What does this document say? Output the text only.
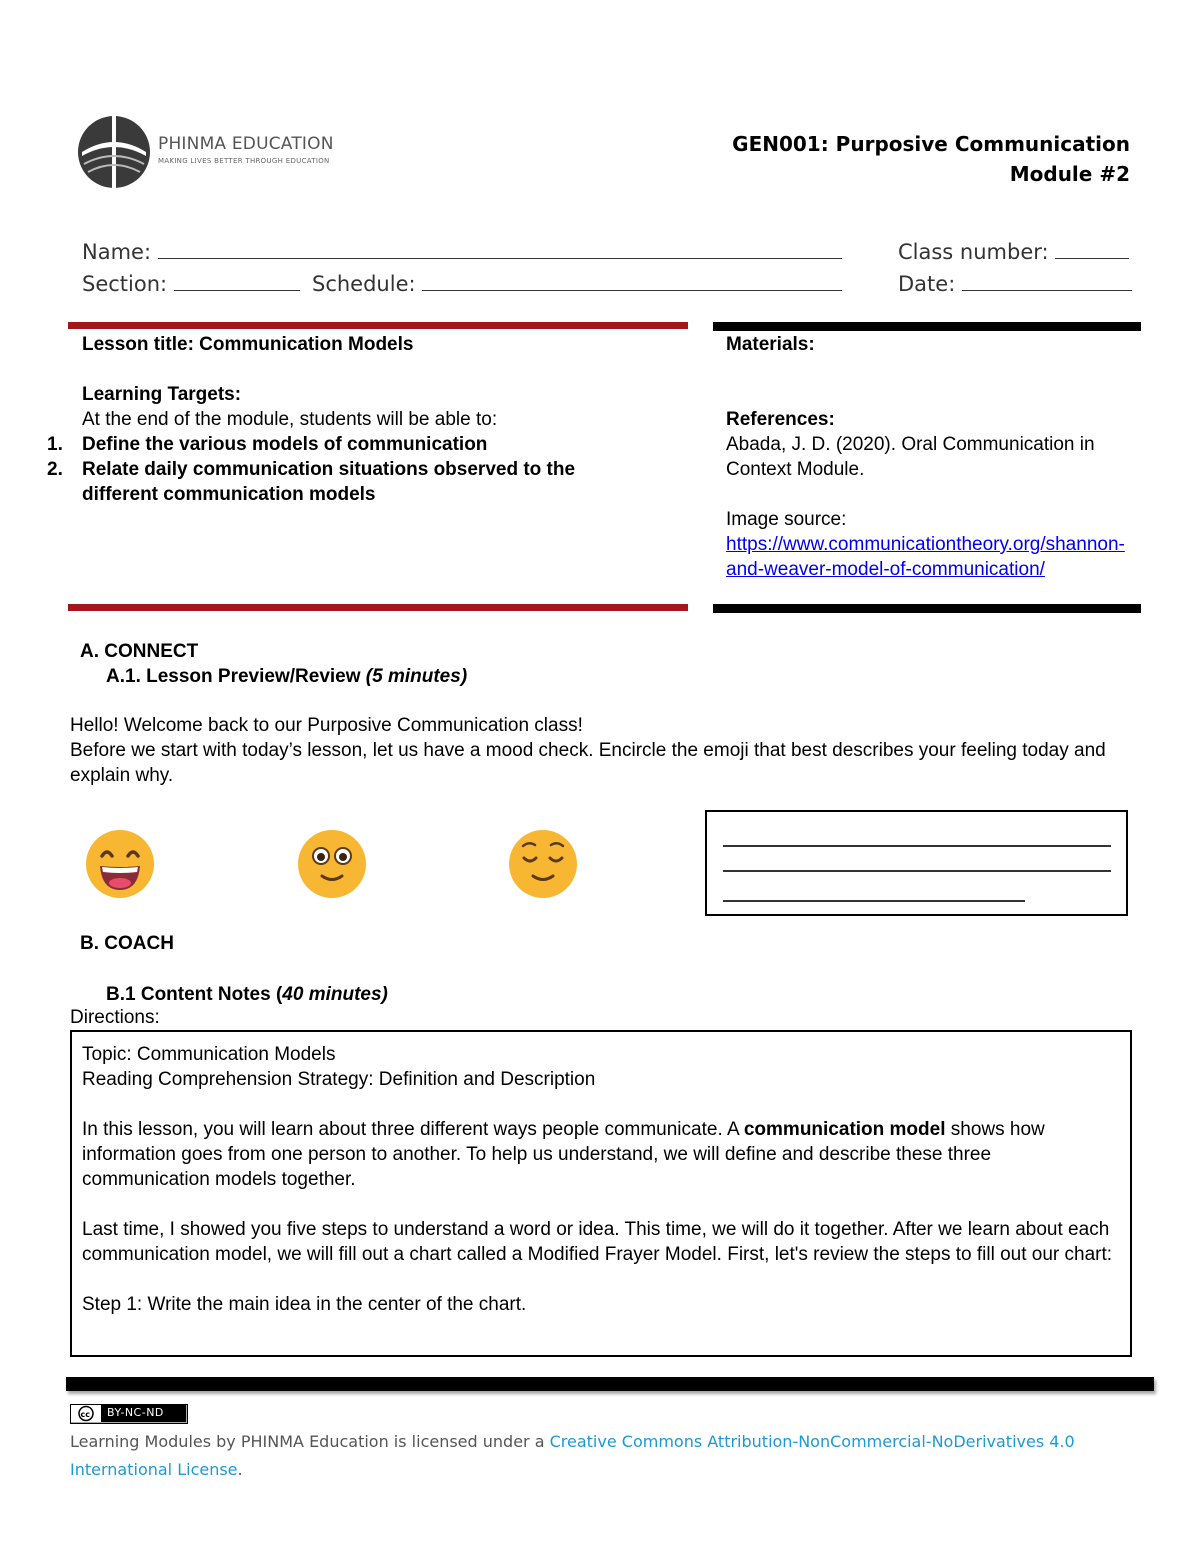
PHINMA EDUCATION
MAKING LIVES BETTER THROUGH EDUCATION
GEN001: Purposive Communication
Module #2
Name:	Class number:
Section:	Schedule:	Date:
Lesson title: Communication Models
Learning Targets:
At the end of the module, students will be able to:
1. Define the various models of communication
2. Relate daily communication situations observed to the different communication models
Materials:
References:
Abada, J. D. (2020). Oral Communication in Context Module.
Image source:
https://www.communicationtheory.org/shannon-and-weaver-model-of-communication/
A. CONNECT
A.1. Lesson Preview/Review (5 minutes)
Hello! Welcome back to our Purposive Communication class!
Before we start with today’s lesson, let us have a mood check. Encircle the emoji that best describes your feeling today and explain why.
B. COACH
B.1 Content Notes (40 minutes)
Directions:

Topic: Communication Models

Reading Comprehension Strategy: Definition and Description

In this lesson, you will learn about three different ways people communicate. A communication model shows how information goes from one person to another. To help us understand, we will define and describe these three communication models together.

Last time, I showed you five steps to understand a word or idea. This time, we will do it together. After we learn about each communication model, we will fill out a chart called a Modified Frayer Model. First, let's review the steps to fill out our chart:

Step 1: Write the main idea in the center of the chart.

cc BY-NC-ND
Learning Modules by PHINMA Education is licensed under a Creative Commons Attribution-NonCommercial-NoDerivatives 4.0 International License.
